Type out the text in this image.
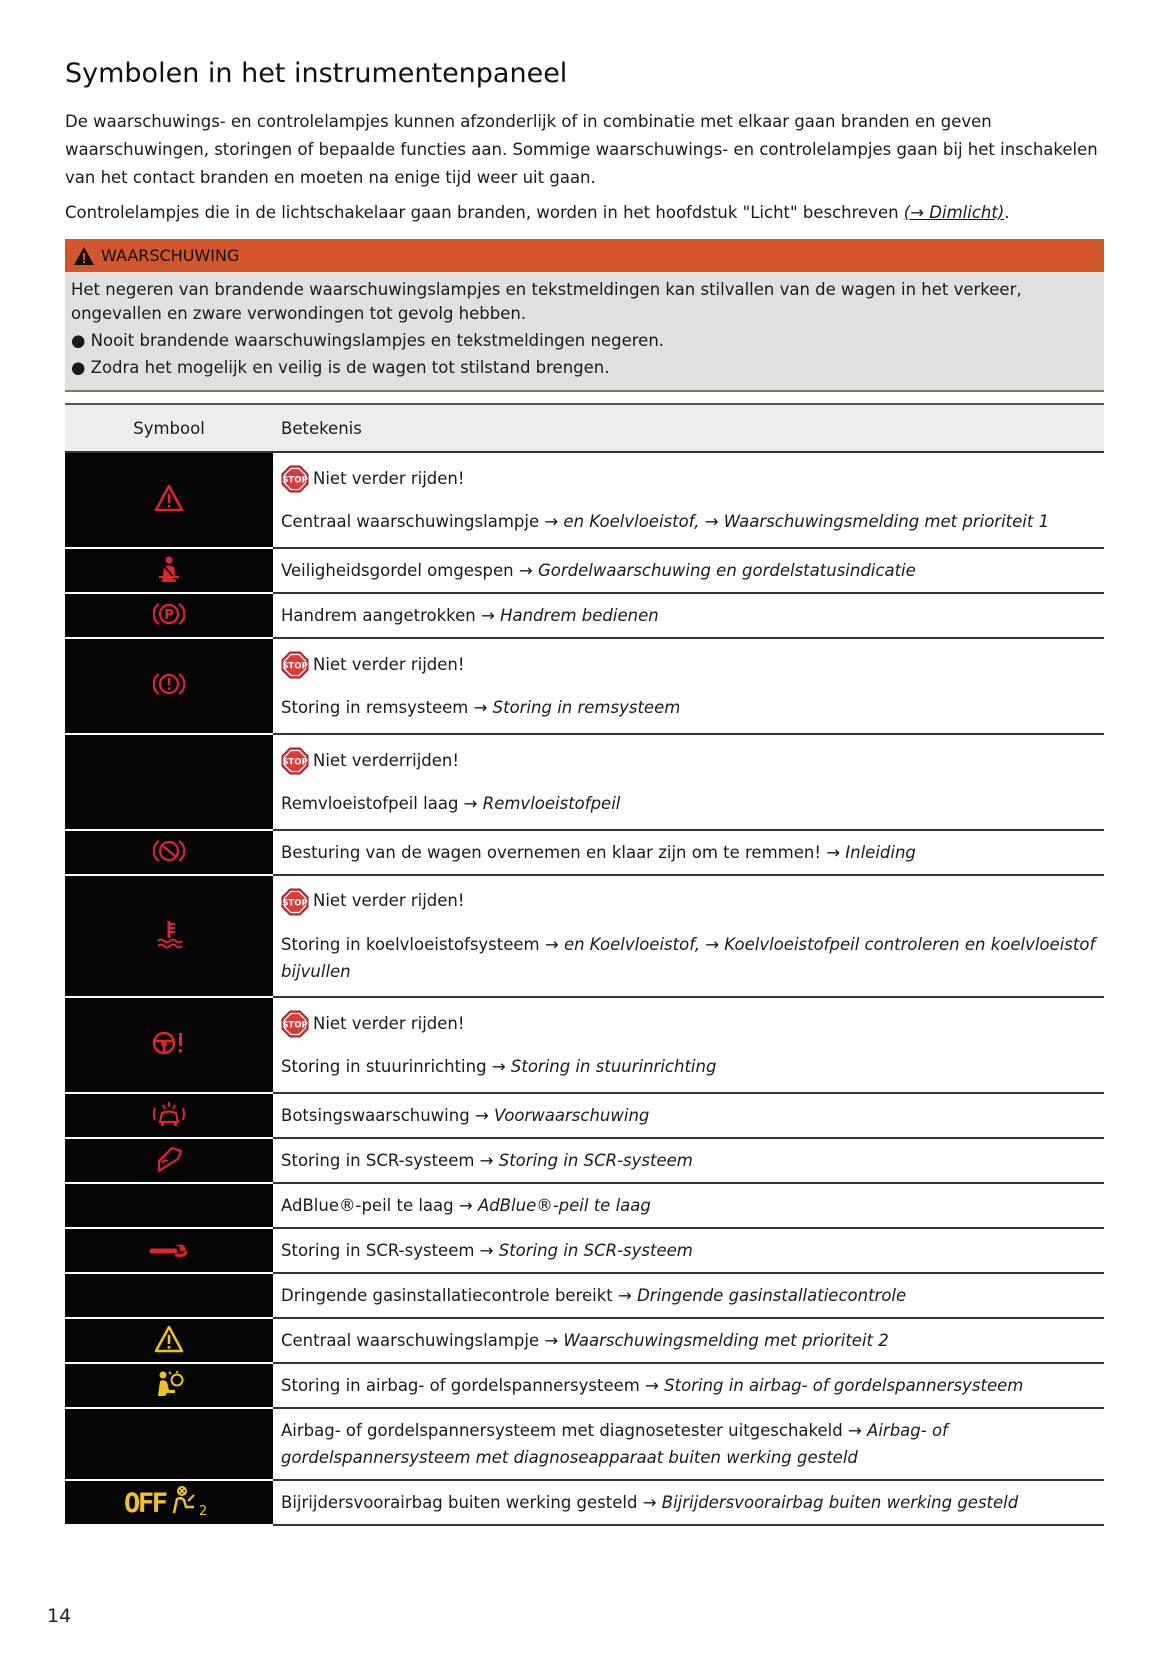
Symbolen in het instrumentenpaneel

De waarschuwings- en controlelampjes kunnen afzonderlijk of in combinatie met elkaar gaan branden en geven waarschuwingen, storingen of bepaalde functies aan. Sommige waarschuwings- en controlelampjes gaan bij het inschakelen van het contact branden en moeten na enige tijd weer uit gaan.

Controlelampjes die in de lichtschakelaar gaan branden, worden in het hoofdstuk "Licht" beschreven (→ Dimlicht).

WAARSCHUWING

Het negeren van brandende waarschuwingslampjes en tekstmeldingen kan stilvallen van de wagen in het verkeer, ongevallen en zware verwondingen tot gevolg hebben.

● Nooit brandende waarschuwingslampjes en tekstmeldingen negeren.

● Zodra het mogelijk en veilig is de wagen tot stilstand brengen.

Symbool	Betekenis

STOP Niet verder rijden!
Centraal waarschuwingslampje → en Koelvloeistof, → Waarschuwingsmelding met prioriteit 1

	Veiligheidsgordel omgespen → Gordelwaarschuwing en gordelstatusindicatie

P	Handrem aangetrokken → Handrem bedienen

STOP Niet verder rijden!
Storing in remsysteem → Storing in remsysteem

STOP Niet verderrijden!
Remvloeistofpeil laag → Remvloeistofpeil

	Besturing van de wagen overnemen en klaar zijn om te remmen! → Inleiding

STOP Niet verder rijden!
Storing in koelvloeistofsysteem → en Koelvloeistof, → Koelvloeistofpeil controleren en koelvloeistof bijvullen

STOP Niet verder rijden!
Storing in stuurinrichting → Storing in stuurinrichting

	Botsingswaarschuwing → Voorwaarschuwing

	Storing in SCR-systeem → Storing in SCR-systeem
	AdBlue®-peil te laag → AdBlue®-peil te laag

	Storing in SCR-systeem → Storing in SCR-systeem
	Dringende gasinstallatiecontrole bereikt → Dringende gasinstallatiecontrole

	Centraal waarschuwingslampje → Waarschuwingsmelding met prioriteit 2

	Storing in airbag- of gordelspannersysteem → Storing in airbag- of gordelspannersysteem
	Airbag- of gordelspannersysteem met diagnosetester uitgeschakeld → Airbag- of gordelspannersysteem met diagnoseapparaat buiten werking gesteld

OFF 2	Bijrijdersvoorairbag buiten werking gesteld → Bijrijdersvoorairbag buiten werking gesteld
14
